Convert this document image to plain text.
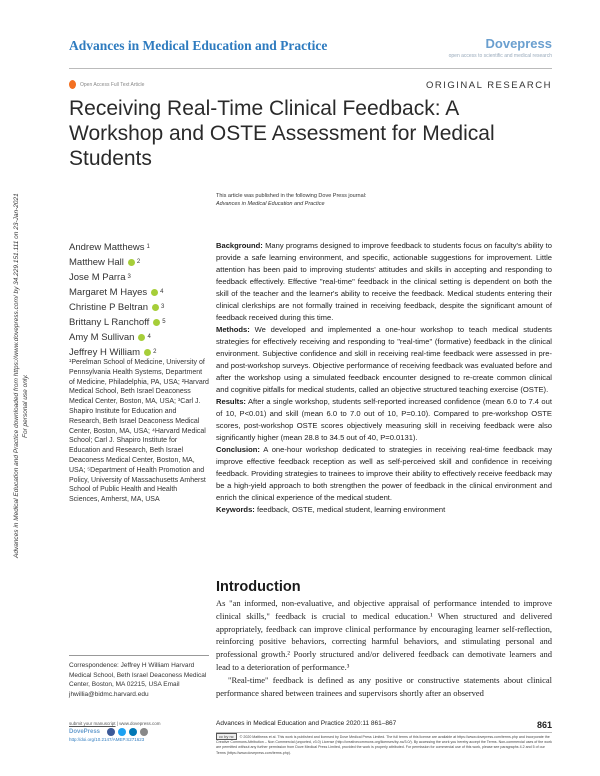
Advances in Medical Education and Practice	Dovepress
open access to scientific and medical research
Open Access Full Text Article	ORIGINAL RESEARCH
Receiving Real-Time Clinical Feedback: A Workshop and OSTE Assessment for Medical Students
This article was published in the following Dove Press journal:
Advances in Medical Education and Practice
Advances in Medical Education and Practice downloaded from https://www.dovepress.com/ by 34.229.151.111 on 23-Jan-2021 For personal use only.
Andrew Matthews 1
Matthew Hall 2
Jose M Parra 3
Margaret M Hayes 4
Christine P Beltran 3
Brittany L Ranchoff 5
Amy M Sullivan 4
Jeffrey H William 2
¹Perelman School of Medicine, University of Pennsylvania Health Systems, Department of Medicine, Philadelphia, PA, USA; ²Harvard Medical School, Beth Israel Deaconess Medical Center, Boston, MA, USA; ³Carl J. Shapiro Institute for Education and Research, Beth Israel Deaconess Medical Center, Boston, MA, USA; ⁴Harvard Medical School; Carl J. Shapiro Institute for Education and Research, Beth Israel Deaconess Medical Center, Boston, MA, USA; ⁵Department of Health Promotion and Policy, University of Massachusetts Amherst School of Public Health and Health Sciences, Amherst, MA, USA

Background: Many programs designed to improve feedback to students focus on faculty's ability to provide a safe learning environment, and specific, actionable suggestions for improvement. Little attention has been paid to improving students' attitudes and skills in accepting and responding to feedback effectively. Effective "real-time" feedback in the clinical setting is dependent on both the skill of the teacher and the learner's ability to receive the feedback. Medical students entering their clinical clerkships are not formally trained in receiving feedback, despite the significant amount of feedback received during this time.

Methods: We developed and implemented a one-hour workshop to teach medical students strategies for effectively receiving and responding to "real-time" (formative) feedback in the clinical environment. Subjective confidence and skill in receiving real-time feedback were assessed in pre- and post-workshop surveys. Objective performance of receiving feedback was evaluated before and after the workshop using a simulated feedback encounter designed to re-create common clinical and cognitive pitfalls for medical students, called an objective structured teaching exercise (OSTE).

Results: After a single workshop, students self-reported increased confidence (mean 6.0 to 7.4 out of 10, P<0.01) and skill (mean 6.0 to 7.0 out of 10, P=0.10). Compared to pre-workshop OSTE scores, post-workshop OSTE scores objectively measuring skill in receiving feedback were also significantly higher (mean 28.8 to 34.5 out of 40, P=0.0131).

Conclusion: A one-hour workshop dedicated to strategies in receiving real-time feedback may improve effective feedback reception as well as self-perceived skill and confidence in receiving feedback. Providing strategies to trainees to improve their ability to effectively receive feedback may be a high-yield approach to both strengthen the power of feedback in the clinical environment and enrich the clinical experience of the medical student.

Keywords: feedback, OSTE, medical student, learning environment

Introduction

As "an informed, non-evaluative, and objective appraisal of performance intended to improve clinical skills," feedback is crucial to medical education.¹ When structured and delivered appropriately, feedback can improve clinical performance by encouraging learner self-reflection, reinforcing positive behaviors, correcting harmful behaviors, and stimulating personal and professional growth.² Poorly structured and/or delivered feedback can demotivate learners and lead to a deterioration of performance.³

"Real-time" feedback is defined as any positive or constructive statements about clinical performance shared between trainees and supervisors shortly after an observed

Correspondence: Jeffrey H William Harvard Medical School, Beth Israel Deaconess Medical Center, Boston, MA 02215, USA Email jhwillia@bidmc.harvard.edu
submit your manuscript | www.dovepress.com
DovePress
http://doi.org/10.2147/AMEP.S271623
Advances in Medical Education and Practice 2020:11 861–867	861
cc by nc © 2020 Matthews et al. This work is published and licensed by Dove Medical Press Limited. The full terms of this license are available at https://www.dovepress.com/terms.php and incorporate the Creative Commons Attribution – Non Commercial (unported, v3.0) License (http://creativecommons.org/licenses/by-nc/3.0/). By accessing the work you hereby accept the Terms. Non-commercial uses of the work are permitted without any further permission from Dove Medical Press Limited, provided the work is properly attributed. For permission for commercial use of this work, please see paragraphs 4.2 and 5 of our Terms (https://www.dovepress.com/terms.php).
